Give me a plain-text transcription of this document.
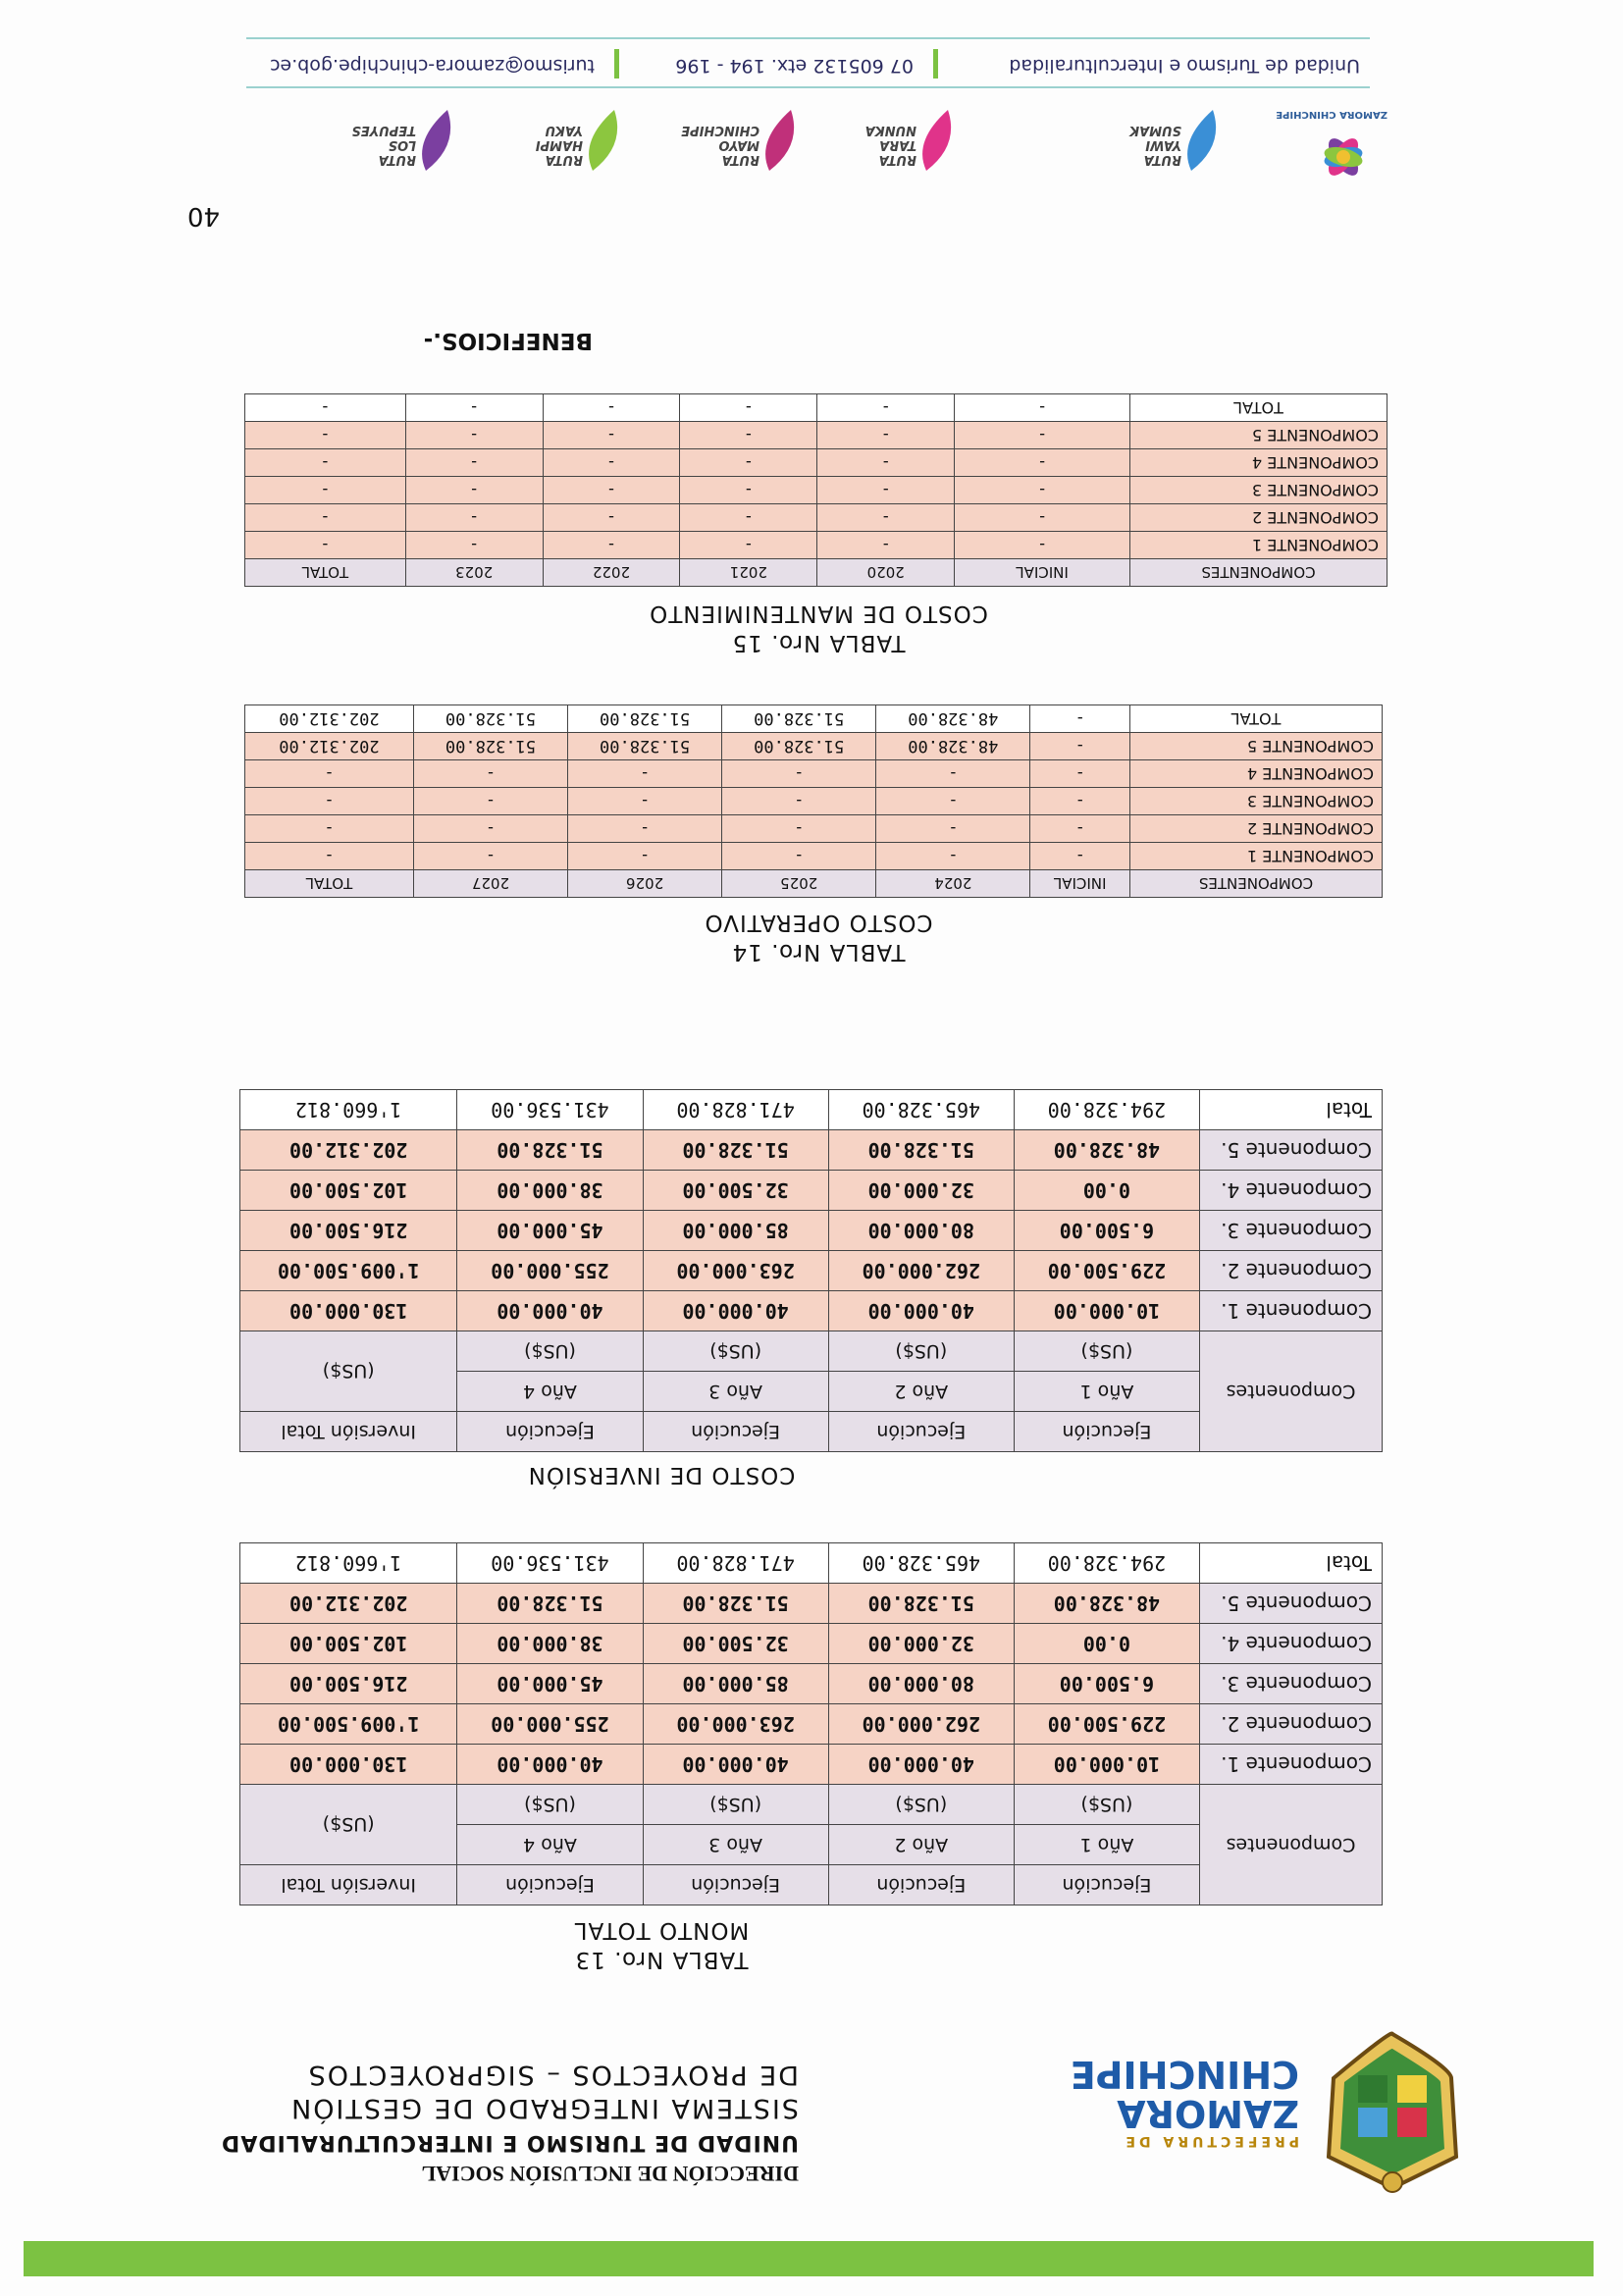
PREFECTURA DE
ZAMORA
CHINCHIPE
DIRECCIÓN DE INCLUSIÓN SOCIAL
UNIDAD DE TURISMO E INTERCULTURALIDAD
SISTEMA INTEGRADO DE GESTIÓN
DE PROYECTOS – SIGPROYECTOS
TABLA Nro. 13
MONTO TOTAL
Componentes	Ejecución	Ejecución	Ejecución	Ejecución	Inversión Total
	Año 1	Año 2	Año 3	Año 4	(US$)
	(US$)	(US$)	(US$)	(US$)	
Componente 1.	10.000.00	40.000.00	40.000.00	40.000.00	130.000.00
Componente 2.	229.500.00	262.000.00	263.000.00	255.000.00	1'009.500.00
Componente 3.	6.500.00	80.000.00	85.000.00	45.000.00	216.500.00
Componente 4.	0.00	32.000.00	32.500.00	38.000.00	102.500.00
Componente 5.	48.328.00	51.328.00	51.328.00	51.328.00	202.312.00
Total	294.328.00	465.328.00	471.828.00	431.536.00	1'660.812
COSTO DE INVERSIÓN
Componentes	Ejecución	Ejecución	Ejecución	Ejecución	Inversión Total
	Año 1	Año 2	Año 3	Año 4	(US$)
	(US$)	(US$)	(US$)	(US$)	
Componente 1.	10.000.00	40.000.00	40.000.00	40.000.00	130.000.00
Componente 2.	229.500.00	262.000.00	263.000.00	255.000.00	1'009.500.00
Componente 3.	6.500.00	80.000.00	85.000.00	45.000.00	216.500.00
Componente 4.	0.00	32.000.00	32.500.00	38.000.00	102.500.00
Componente 5.	48.328.00	51.328.00	51.328.00	51.328.00	202.312.00
Total	294.328.00	465.328.00	471.828.00	431.536.00	1'660.812
TABLA Nro. 14
COSTO OPERATIVO
COMPONENTES	INICIAL	2024	2025	2026	2027	TOTAL
COMPONENTE 1	-	-	-	-	-	-
COMPONENTE 2	-	-	-	-	-	-
COMPONENTE 3	-	-	-	-	-	-
COMPONENTE 4	-	-	-	-	-	-
COMPONENTE 5	-	48.328.00	51.328.00	51.328.00	51.328.00	202.312.00
TOTAL	-	48.328.00	51.328.00	51.328.00	51.328.00	202.312.00
TABLA Nro. 15
COSTO DE MANTENIMIENTO
COMPONENTES	INICIAL	2020	2021	2022	2023	TOTAL
COMPONENTE 1	-	-	-	-	-	-
COMPONENTE 2	-	-	-	-	-	-
COMPONENTE 3	-	-	-	-	-	-
COMPONENTE 4	-	-	-	-	-	-
COMPONENTE 5	-	-	-	-	-	-
TOTAL	-	-	-	-	-	-
BENEFICIOS.-
40
ZAMORA CHINCHIPE
RUTA
YAWI
SUMAK
RUTA
TARA
NUNKA
RUTA
MAYO
CHINCHIPE
RUTA
HAMPI
YAKU
RUTA
LOS
TEPUYES
Unidad de Turismo e Interculturalidad
07 605132 etx. 194 - 196
turismo@zamora-chinchipe.gob.ec
